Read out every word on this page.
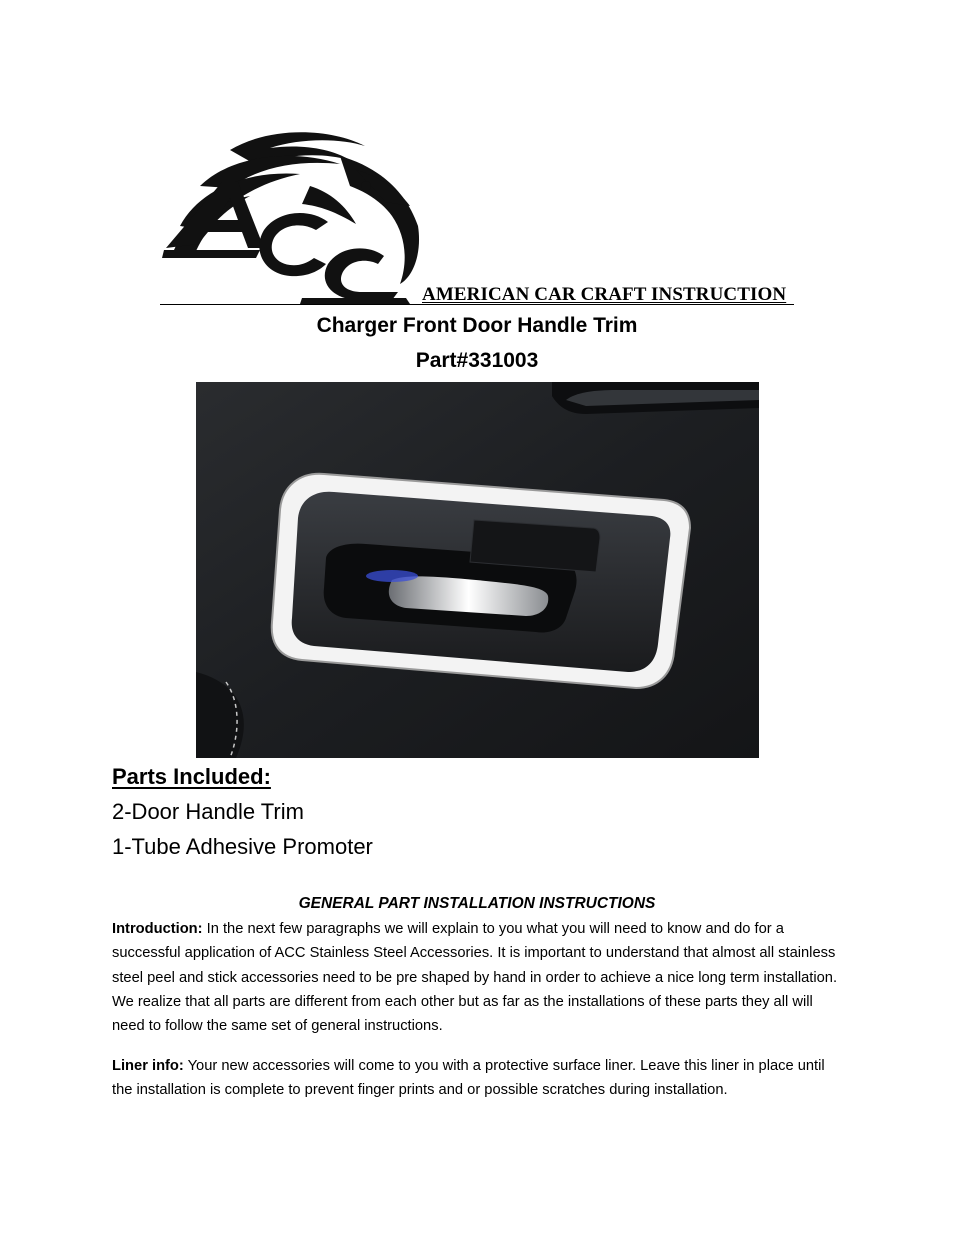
AMERICAN CAR CRAFT INSTRUCTION
Charger Front Door Handle Trim
Part#331003
Parts Included:
2-Door Handle Trim
1-Tube Adhesive Promoter
GENERAL PART INSTALLATION INSTRUCTIONS
Introduction: In the next few paragraphs we will explain to you what you will need to know and do for a successful application of ACC Stainless Steel Accessories. It is important to understand that almost all stainless steel peel and stick accessories need to be pre shaped by hand in order to achieve a nice long term installation. We realize that all parts are different from each other but as far as the installations of these parts they all will need to follow the same set of general instructions.
Liner info: Your new accessories will come to you with a protective surface liner. Leave this liner in place until the installation is complete to prevent finger prints and or possible scratches during installation.
